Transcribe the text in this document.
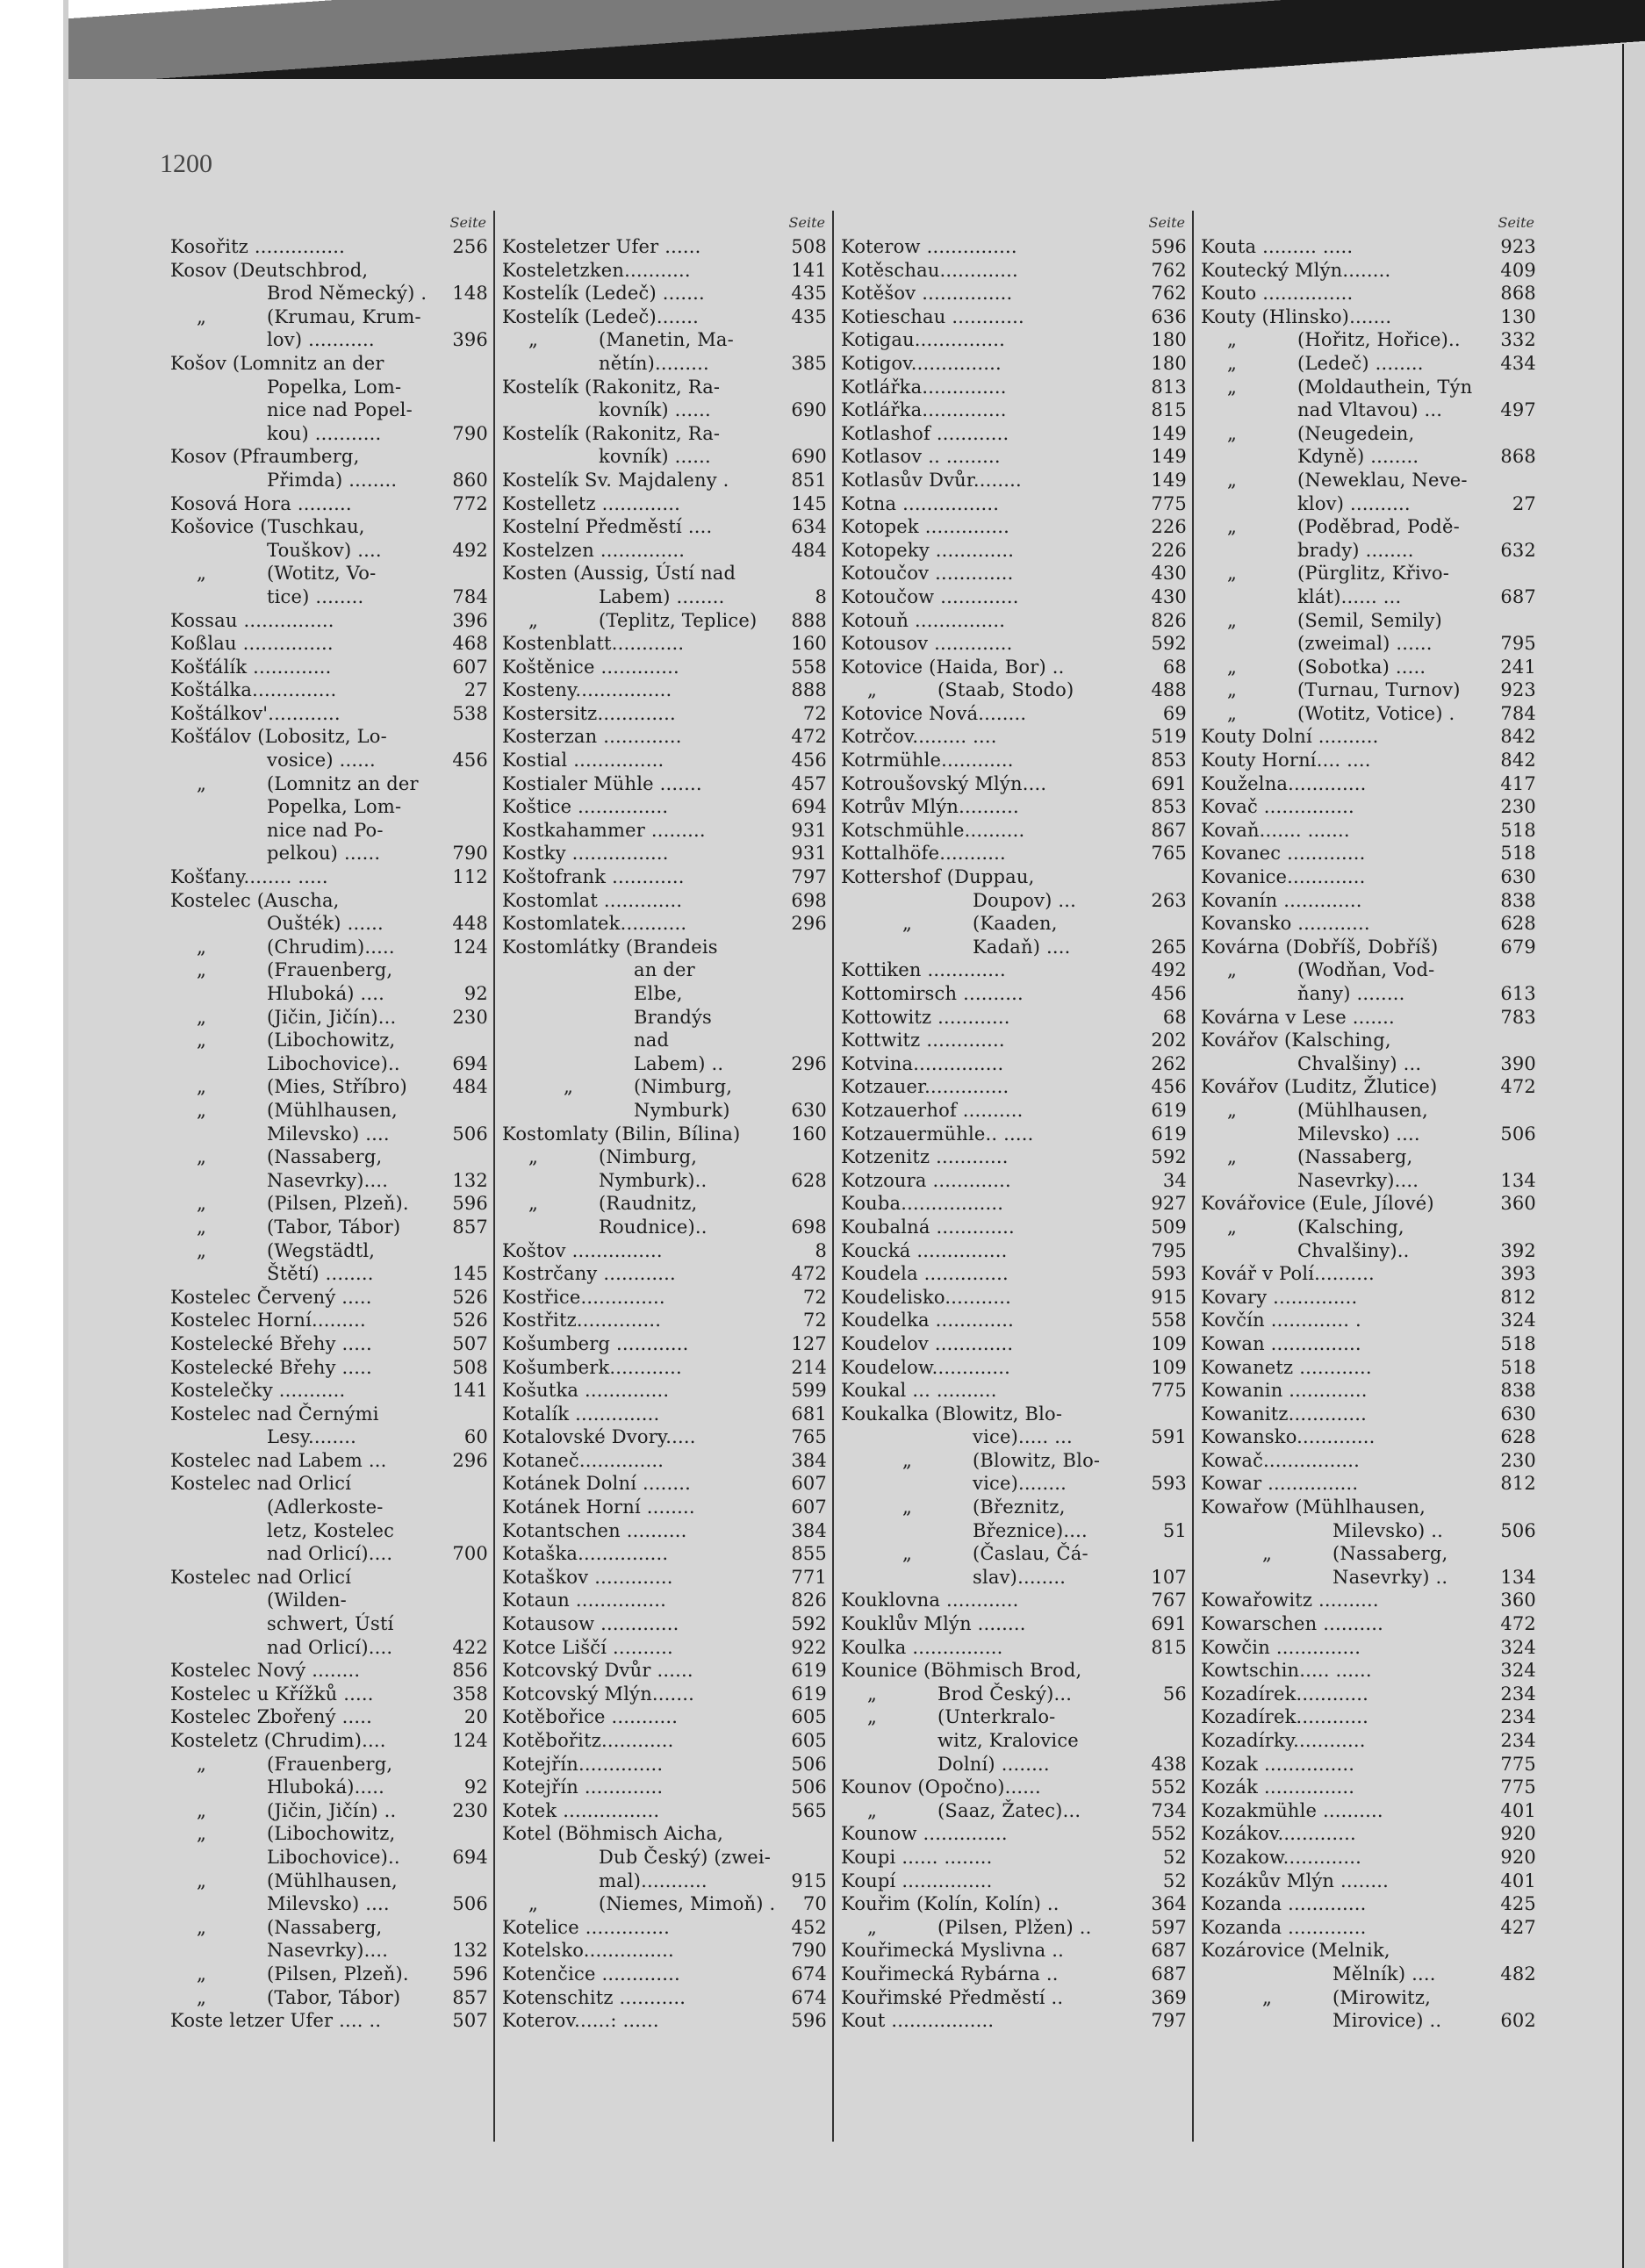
1200
Seite
Kosořitz ...............	256
Kosov (Deutschbrod,
Brod Německý) .	148
„	(Krumau, Krum-
lov) ...........	396
Košov (Lomnitz an der
Popelka, Lom-
nice nad Popel-
kou) ...........	790
Kosov (Pfraumberg,
Přimda) ........	860
Kosová Hora .........	772
Košovice (Tuschkau,
Touškov) ....	492
„	(Wotitz, Vo-
tice) ........	784
Kossau ...............	396
Koßlau ...............	468
Košťálík .............	607
Koštálka..............	27
Koštálkov'............	538
Košťálov (Lobositz, Lo-
vosice) ......	456
„	(Lomnitz an der
Popelka, Lom-
nice nad Po-
pelkou) ......	790
Košťany........ .....	112
Kostelec (Auscha,
Oušték) ......	448
„	(Chrudim).....	124
„	(Frauenberg,
Hluboká) ....	92
„	(Jičin, Jičín)...	230
„	(Libochowitz,
Libochovice)..	694
„	(Mies, Stříbro)	484
„	(Mühlhausen,
Milevsko) ....	506
„	(Nassaberg,
Nasevrky)....	132
„	(Pilsen, Plzeň).	596
„	(Tabor, Tábor)	857
„	(Wegstädtl,
Štětí) ........	145
Kostelec Červený .....	526
Kostelec Horní.........	526
Kostelecké Břehy .....	507
Kostelecké Břehy .....	508
Kostelečky ...........	141
Kostelec nad Černými
Lesy........	60
Kostelec nad Labem ...	296
Kostelec nad Orlicí
(Adlerkoste-
letz, Kostelec
nad Orlicí)....	700
Kostelec nad Orlicí
(Wilden-
schwert, Ústí
nad Orlicí)....	422
Kostelec Nový ........	856
Kostelec u Křížků .....	358
Kostelec Zbořený .....	20
Kosteletz (Chrudim)....	124
„	(Frauenberg,
Hluboká).....	92
„	(Jičin, Jičín) ..	230
„	(Libochowitz,
Libochovice)..	694
„	(Mühlhausen,
Milevsko) ....	506
„	(Nassaberg,
Nasevrky)....	132
„	(Pilsen, Plzeň).	596
„	(Tabor, Tábor)	857
Koste letzer Ufer .... ..	507
Seite
Kosteletzer Ufer ......	508
Kosteletzken...........	141
Kostelík (Ledeč) .......	435
Kostelík (Ledeč).......	435
„	(Manetin, Ma-
nětín).........	385
Kostelík (Rakonitz, Ra-
kovník) ......	690
Kostelík (Rakonitz, Ra-
kovník) ......	690
Kostelík Sv. Majdaleny .	851
Kostelletz .............	145
Kostelní Předměstí ....	634
Kostelzen ..............	484
Kosten (Aussig, Ústí nad
Labem) ........	8
„	(Teplitz, Teplice)	888
Kostenblatt............	160
Koštěnice .............	558
Kosteny................	888
Kostersitz.............	72
Kosterzan .............	472
Kostial ...............	456
Kostialer Mühle .......	457
Koštice ...............	694
Kostkahammer .........	931
Kostky ................	931
Koštofrank ............	797
Kostomlat .............	698
Kostomlatek...........	296
Kostomlátky (Brandeis
an der
Elbe,
Brandýs
nad
Labem) ..	296
„	(Nimburg,
Nymburk)	630
Kostomlaty (Bilin, Bílina)	160
„	(Nimburg,
Nymburk)..	628
„	(Raudnitz,
Roudnice)..	698
Koštov ...............	8
Kostrčany ............	472
Kostřice..............	72
Kostřitz..............	72
Košumberg ............	127
Košumberk............	214
Košutka ..............	599
Kotalík ..............	681
Kotalovské Dvory.....	765
Kotaneč..............	384
Kotánek Dolní ........	607
Kotánek Horní ........	607
Kotantschen ..........	384
Kotaška...............	855
Kotaškov .............	771
Kotaun ...............	826
Kotausow .............	592
Kotce Liščí ..........	922
Kotcovský Dvůr ......	619
Kotcovský Mlýn.......	619
Kotěbořice ...........	605
Kotěbořitz............	605
Kotejřín..............	506
Kotejřín .............	506
Kotek ................	565
Kotel (Böhmisch Aicha,
Dub Český) (zwei-
mal)...........	915
„	(Niemes, Mimoň) .	70
Kotelice ..............	452
Kotelsko...............	790
Kotenčice .............	674
Kotenschitz ...........	674
Koterov......: ......	596
Seite
Koterow ...............	596
Kotěschau.............	762
Kotěšov ...............	762
Kotieschau ............	636
Kotigau...............	180
Kotigov...............	180
Kotlářka..............	813
Kotlářka..............	815
Kotlashof ............	149
Kotlasov .. .........	149
Kotlasův Dvůr........	149
Kotna ................	775
Kotopek ..............	226
Kotopeky .............	226
Kotoučov .............	430
Kotoučow .............	430
Kotouň ...............	826
Kotousov .............	592
Kotovice (Haida, Bor) ..	68
„	(Staab, Stodo)	488
Kotovice Nová........	69
Kotrčov......... ....	519
Kotrmühle............	853
Kotroušovský Mlýn....	691
Kotrův Mlýn..........	853
Kotschmühle..........	867
Kottalhöfe...........	765
Kottershof (Duppau,
Doupov) ...	263
„	(Kaaden,
Kadaň) ....	265
Kottiken .............	492
Kottomirsch ..........	456
Kottowitz ............	68
Kottwitz .............	202
Kotvina...............	262
Kotzauer..............	456
Kotzauerhof ..........	619
Kotzauermühle.. .....	619
Kotzenitz ............	592
Kotzoura .............	34
Kouba.................	927
Koubalná .............	509
Koucká ...............	795
Koudela ..............	593
Koudelisko...........	915
Koudelka .............	558
Koudelov .............	109
Koudelow.............	109
Koukal ... ..........	775
Koukalka (Blowitz, Blo-
vice)..... ...	591
„	(Blowitz, Blo-
vice)........	593
„	(Březnitz,
Březnice)....	51
„	(Časlau, Čá-
slav)........	107
Kouklovna ............	767
Kouklův Mlýn ........	691
Koulka ...............	815
Kounice (Böhmisch Brod,
„	Brod Český)...	56
„	(Unterkralo-
witz, Kralovice
Dolní) ........	438
Kounov (Opočno)......	552
„	(Saaz, Žatec)...	734
Kounow ..............	552
Koupi ...... ........	52
Koupí ...............	52
Kouřim (Kolín, Kolín) ..	364
„	(Pilsen, Plžen) ..	597
Kouřimecká Myslivna ..	687
Kouřimecká Rybárna ..	687
Kouřimské Předměstí ..	369
Kout .................	797
Seite
Kouta ......... .....	923
Koutecký Mlýn........	409
Kouto ...............	868
Kouty (Hlinsko).......	130
„	(Hořitz, Hořice)..	332
„	(Ledeč) ........	434
„	(Moldauthein, Týn
nad Vltavou) ...	497
„	(Neugedein,
Kdyně) ........	868
„	(Neweklau, Neve-
klov) ..........	27
„	(Poděbrad, Podě-
brady) ........	632
„	(Pürglitz, Křivo-
klát)...... ...	687
„	(Semil, Semily)
(zweimal) ......	795
„	(Sobotka) .....	241
„	(Turnau, Turnov)	923
„	(Wotitz, Votice) .	784
Kouty Dolní ..........	842
Kouty Horní.... ....	842
Kouželna.............	417
Kovač ...............	230
Kovaň....... .......	518
Kovanec .............	518
Kovanice.............	630
Kovanín .............	838
Kovansko ............	628
Kovárna (Dobříš, Dobříš)	679
„	(Wodňan, Vod-
ňany) ........	613
Kovárna v Lese .......	783
Kovářov (Kalsching,
Chvalšiny) ...	390
Kovářov (Luditz, Žlutice)	472
„	(Mühlhausen,
Milevsko) ....	506
„	(Nassaberg,
Nasevrky)....	134
Kovářovice (Eule, Jílové)	360
„	(Kalsching,
Chvalšiny)..	392
Kovář v Polí..........	393
Kovary ..............	812
Kovčín ............. .	324
Kowan ...............	518
Kowanetz ............	518
Kowanin .............	838
Kowanitz.............	630
Kowansko.............	628
Kowač................	230
Kowar ...............	812
Kowařow (Mühlhausen,
Milevsko) ..	506
„	(Nassaberg,
Nasevrky) ..	134
Kowařowitz ..........	360
Kowarschen ..........	472
Kowčin ..............	324
Kowtschin..... ......	324
Kozadírek............	234
Kozadírek............	234
Kozadírky............	234
Kozak ...............	775
Kozák ...............	775
Kozakmühle ..........	401
Kozákov.............	920
Kozakow.............	920
Kozákův Mlýn ........	401
Kozanda .............	425
Kozanda .............	427
Kozárovice (Melnik,
Mělník) ....	482
„	(Mirowitz,
Mirovice) ..	602
